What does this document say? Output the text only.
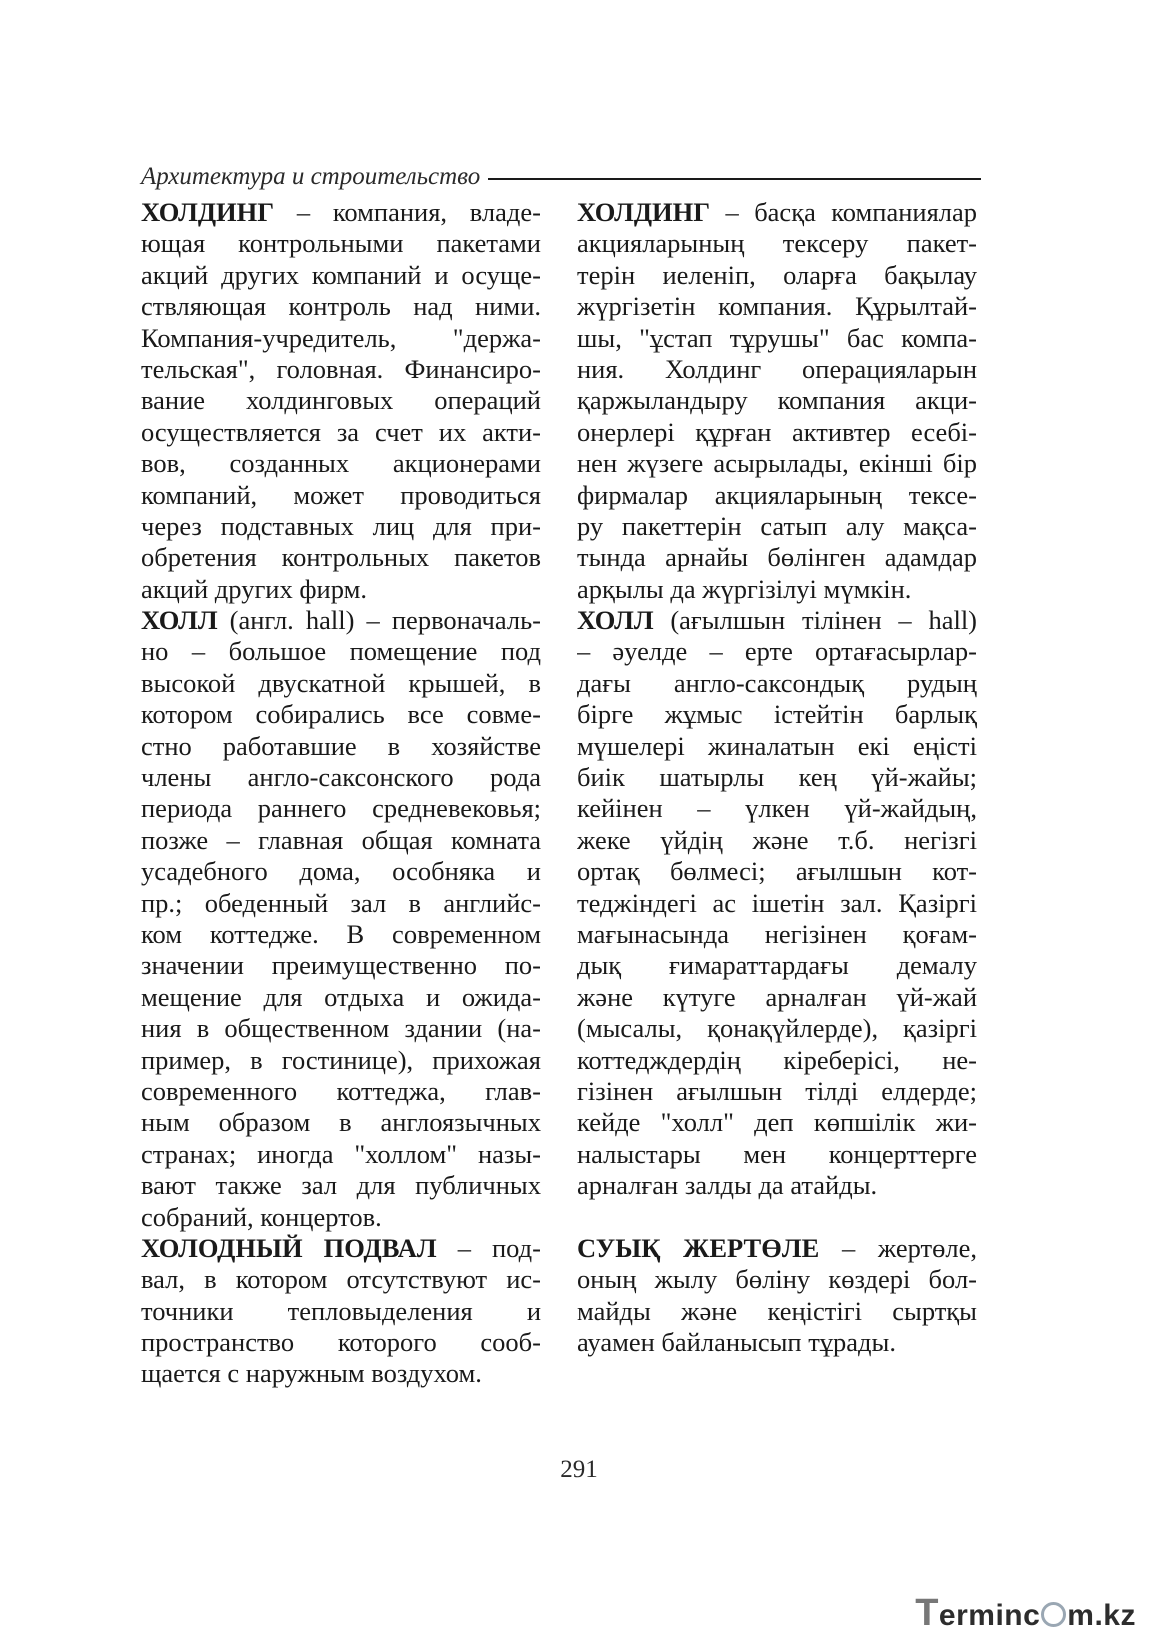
Архитектура и строительство
ХОЛДИНГ – компания, владе-
ющая контрольными пакетами
акций других компаний и осуще-
ствляющая контроль над ними.
Компания-учредитель, "держа-
тельская", головная. Финансиро-
вание холдинговых операций
осуществляется за счет их акти-
вов, созданных акционерами
компаний, может проводиться
через подставных лиц для при-
обретения контрольных пакетов
акций других фирм.
ХОЛЛ (англ. hall) – первоначаль-
но – большое помещение под
высокой двускатной крышей, в
котором собирались все совме-
стно работавшие в хозяйстве
члены англо-саксонского рода
периода раннего средневековья;
позже – главная общая комната
усадебного дома, особняка и
пр.; обеденный зал в английс-
ком коттедже. В современном
значении преимущественно по-
мещение для отдыха и ожида-
ния в общественном здании (на-
пример, в гостинице), прихожая
современного коттеджа, глав-
ным образом в англоязычных
странах; иногда "холлом" назы-
вают также зал для публичных
собраний, концертов.
ХОЛОДНЫЙ ПОДВАЛ – под-
вал, в котором отсутствуют ис-
точники тепловыделения и
пространство которого сооб-
щается с наружным воздухом.
ХОЛДИНГ – басқа компаниялар
акцияларының тексеру пакет-
терін иеленіп, оларға бақылау
жүргізетін компания. Құрылтай-
шы, "ұстап тұрушы" бас компа-
ния. Холдинг операцияларын
қаржыландыру компания акци-
онерлері құрған активтер есебі-
нен жүзеге асырылады, екінші бір
фирмалар акцияларының тексе-
ру пакеттерін сатып алу мақса-
тында арнайы бөлінген адамдар
арқылы да жүргізілуі мүмкін.
ХОЛЛ (ағылшын тілінен – hall)
– әуелде – ерте ортағасырлар-
дағы англо-саксондық рудың
бірге жұмыс істейтін барлық
мүшелері жиналатын екі еңісті
биік шатырлы кең үй-жайы;
кейінен – үлкен үй-жайдың,
жеке үйдің және т.б. негізгі
ортақ бөлмесі; ағылшын кот-
теджіндегі ас ішетін зал. Қазіргі
мағынасында негізінен қоғам-
дық ғимараттардағы демалу
және күтуге арналған үй-жай
(мысалы, қонақүйлерде), қазіргі
коттедждердің кіреберісі, не-
гізінен ағылшын тілді елдерде;
кейде "холл" деп көпшілік жи-
налыстары мен концерттерге
арналған залды да атайды.
СУЫҚ ЖЕРТӨЛЕ – жертөле,
оның жылу бөліну көздері бол-
майды және кеңістігі сыртқы
ауамен байланысып тұрады.
291
T erminc m.kz
